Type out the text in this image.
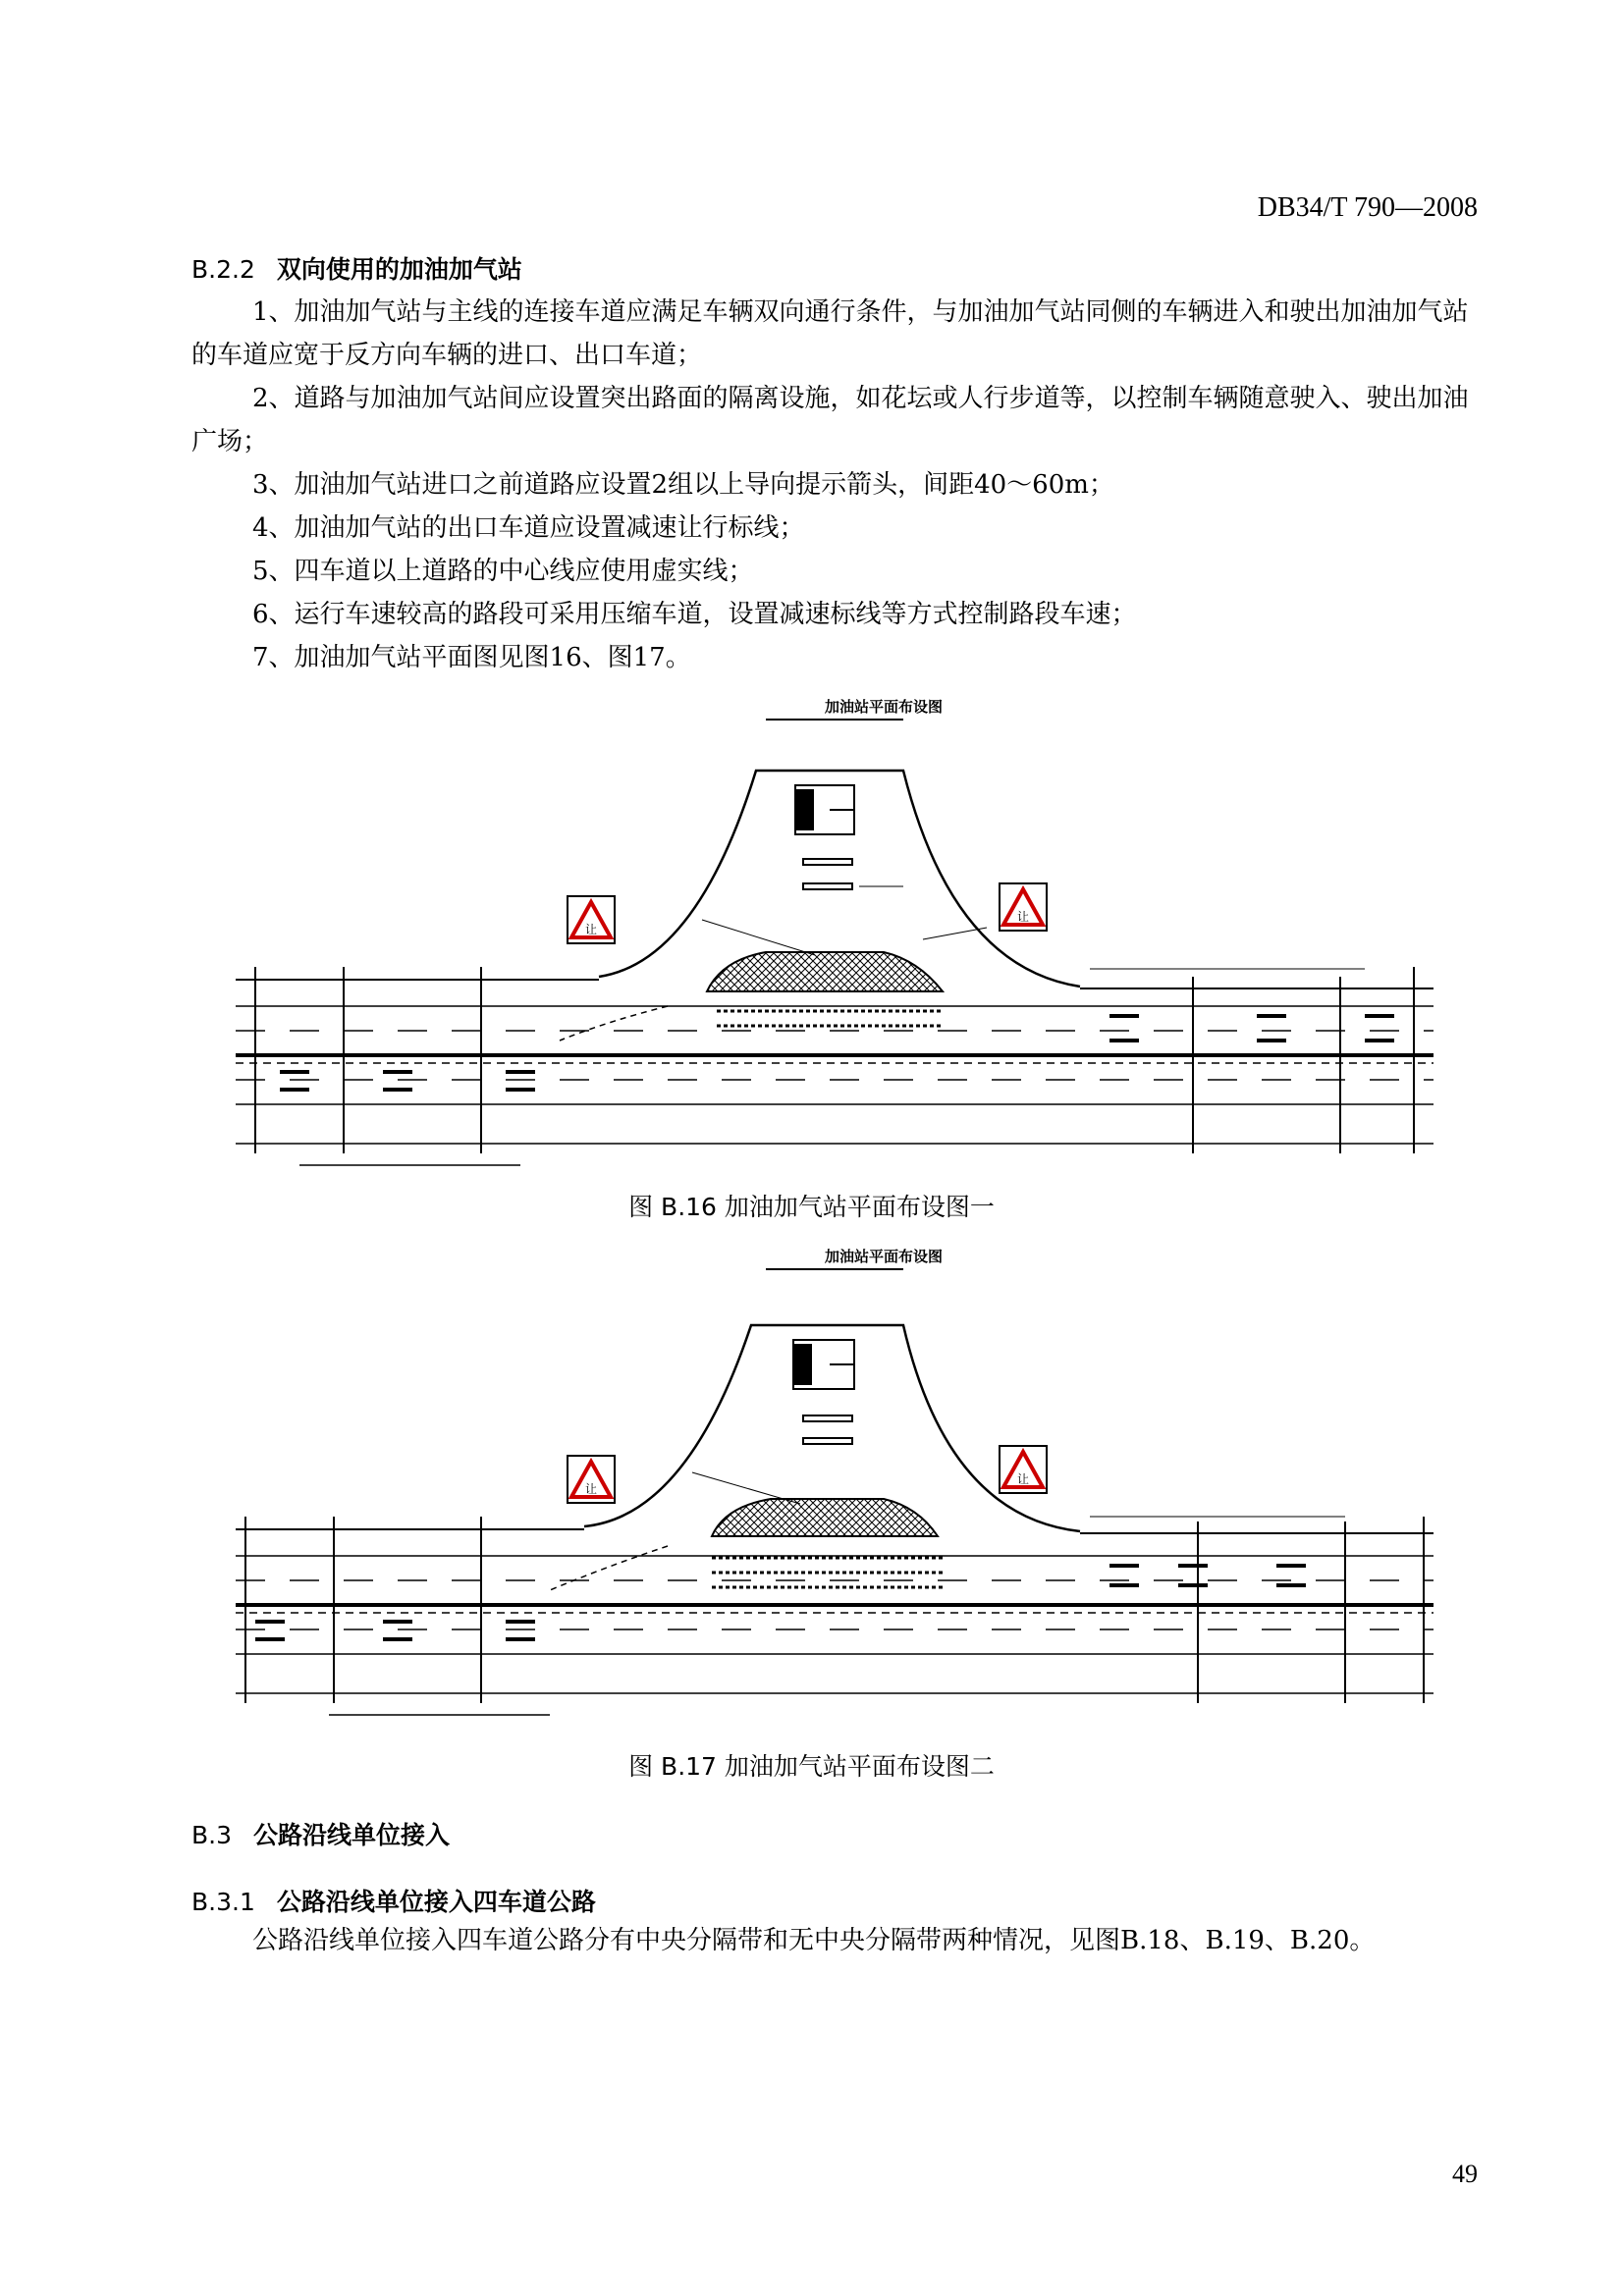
DB34/T 790—2008
B.2.2 双向使用的加油加气站
1、加油加气站与主线的连接车道应满足车辆双向通行条件，与加油加气站同侧的车辆进入和驶出加油加气站的车道应宽于反方向车辆的进口、出口车道；
2、道路与加油加气站间应设置突出路面的隔离设施，如花坛或人行步道等，以控制车辆随意驶入、驶出加油广场；
3、加油加气站进口之前道路应设置2组以上导向提示箭头，间距40～60m；
4、加油加气站的出口车道应设置减速让行标线；
5、四车道以上道路的中心线应使用虚实线；
6、运行车速较高的路段可采用压缩车道，设置减速标线等方式控制路段车速；
7、加油加气站平面图见图16、图17。
加油站平面布设图
让
让
图 B.16 加油加气站平面布设图一
加油站平面布设图
让
让
图 B.17 加油加气站平面布设图二
B.3 公路沿线单位接入
B.3.1 公路沿线单位接入四车道公路
公路沿线单位接入四车道公路分有中央分隔带和无中央分隔带两种情况，见图B.18、B.19、B.20。
49
